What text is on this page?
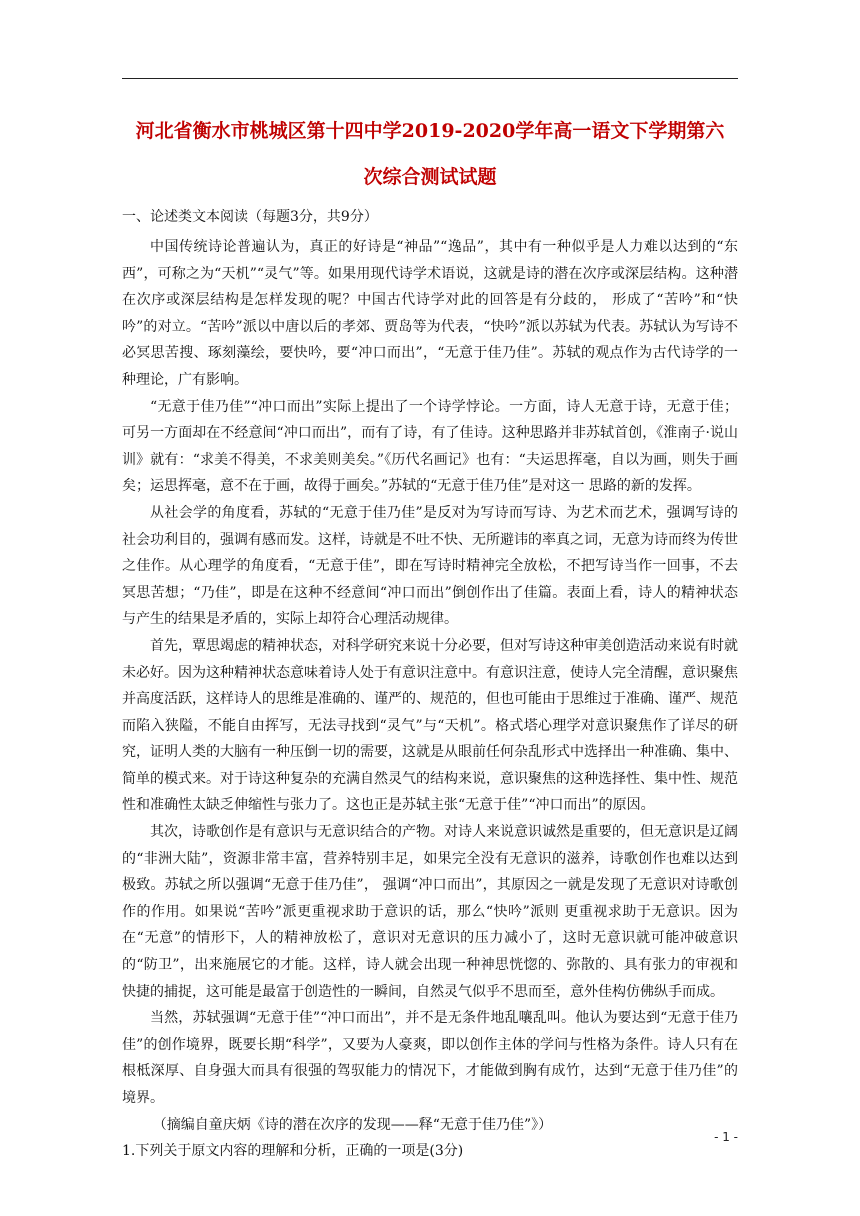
河北省衡水市桃城区第十四中学2019-2020学年高一语文下学期第六
次综合测试试题
一、论述类文本阅读（每题3分，共9分）

中国传统诗论普遍认为，真正的好诗是“神品”“逸品”，其中有一种似乎是人力难以达到的“东西”，可称之为“天机”“灵气”等。如果用现代诗学术语说，这就是诗的潜在次序或深层结构。这种潜在次序或深层结构是怎样发现的呢？中国古代诗学对此的回答是有分歧的， 形成了“苦吟”和“快吟”的对立。“苦吟”派以中唐以后的孝郊、贾岛等为代表，“快吟”派以苏轼为代表。苏轼认为写诗不必冥思苦搜、琢刻藻绘，要快吟，要“冲口而出”，“无意于佳乃佳”。苏轼的观点作为古代诗学的一种理论，广有影响。

“无意于佳乃佳”“冲口而出”实际上提出了一个诗学悖论。一方面，诗人无意于诗，无意于佳；可另一方面却在不经意间“冲口而出”，而有了诗，有了佳诗。这种思路并非苏轼首创，《淮南子·说山训》就有：“求美不得美，不求美则美矣。”《历代名画记》也有：“夫运思挥毫，自以为画，则失于画矣；运思挥毫，意不在于画，故得于画矣。”苏轼的“无意于佳乃佳”是对这一 思路的新的发挥。

从社会学的角度看，苏轼的“无意于佳乃佳”是反对为写诗而写诗、为艺术而艺术，强调写诗的社会功利目的，强调有感而发。这样，诗就是不吐不快、无所避讳的率真之词，无意为诗而终为传世之佳作。从心理学的角度看，“无意于佳”，即在写诗时精神完全放松，不把写诗当作一回事，不去冥思苦想；“乃佳”，即是在这种不经意间“冲口而出”倒创作出了佳篇。表面上看，诗人的精神状态与产生的结果是矛盾的，实际上却符合心理活动规律。

首先，覃思竭虑的精神状态，对科学研究来说十分必要，但对写诗这种审美创造活动来说有时就未必好。因为这种精神状态意味着诗人处于有意识注意中。有意识注意，使诗人完全清醒，意识聚焦并高度活跃，这样诗人的思维是准确的、谨严的、规范的，但也可能由于思维过于准确、谨严、规范而陷入狭隘，不能自由挥写，无法寻找到“灵气”与“天机”。格式塔心理学对意识聚焦作了详尽的研究，证明人类的大脑有一种压倒一切的需要，这就是从眼前任何杂乱形式中选择出一种准确、集中、简单的模式来。对于诗这种复杂的充满自然灵气的结构来说，意识聚焦的这种选择性、集中性、规范性和准确性太缺乏伸缩性与张力了。这也正是苏轼主张“无意于佳”“冲口而出”的原因。

其次，诗歌创作是有意识与无意识结合的产物。对诗人来说意识诚然是重要的，但无意识是辽阔的“非洲大陆”，资源非常丰富，营养特别丰足，如果完全没有无意识的滋养，诗歌创作也难以达到极致。苏轼之所以强调“无意于佳乃佳”， 强调“冲口而出”，其原因之一就是发现了无意识对诗歌创作的作用。如果说“苦吟”派更重视求助于意识的话，那么“快吟”派则 更重视求助于无意识。因为在“无意”的情形下，人的精神放松了，意识对无意识的压力减小了，这时无意识就可能冲破意识的“防卫”，出来施展它的才能。这样，诗人就会出现一种神思恍惚的、弥散的、具有张力的审视和快捷的捕捉，这可能是最富于创造性的一瞬间，自然灵气似乎不思而至，意外佳构仿佛纵手而成。

当然，苏轼强调“无意于佳”“冲口而出”，并不是无条件地乱嚷乱叫。他认为要达到“无意于佳乃佳”的创作境界，既要长期“科学”，又要为人豪爽，即以创作主体的学问与性格为条件。诗人只有在根柢深厚、自身强大而具有很强的驾驭能力的情况下，才能做到胸有成竹，达到“无意于佳乃佳”的境界。

（摘编自童庆炳《诗的潜在次序的发现——释“无意于佳乃佳”》）

1.下列关于原文内容的理解和分析，正确的一项是(3分)

- 1 -
